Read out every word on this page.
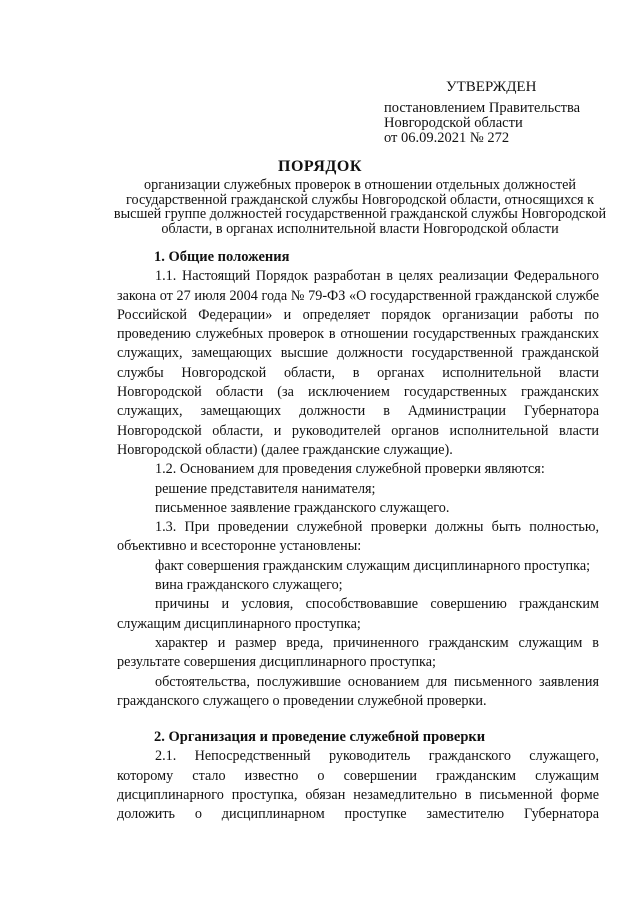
УТВЕРЖДЕН
постановлением Правительства
Новгородской области
от 06.09.2021 № 272
ПОРЯДОК
организации служебных проверок в отношении отдельных должностей государственной гражданской службы Новгородской области, относящихся к высшей группе должностей государственной гражданской службы Новгородской области, в органах исполнительной власти Новгородской области
1. Общие положения

1.1. Настоящий Порядок разработан в целях реализации Федерального закона от 27 июля 2004 года № 79-ФЗ «О государственной гражданской службе Российской Федерации» и определяет порядок организации работы по проведению служебных проверок в отношении государственных гражданских служащих, замещающих высшие должности государственной гражданской службы Новгородской области, в органах исполнительной власти Новгородской области (за исключением государственных гражданских служащих, замещающих должности в Администрации Губернатора Новгородской области, и руководителей органов исполнительной власти Новгородской области) (далее гражданские служащие).

1.2. Основанием для проведения служебной проверки являются:

решение представителя нанимателя;

письменное заявление гражданского служащего.

1.3. При проведении служебной проверки должны быть полностью, объективно и всесторонне установлены:

факт совершения гражданским служащим дисциплинарного проступка;

вина гражданского служащего;

причины и условия, способствовавшие совершению гражданским служащим дисциплинарного проступка;

характер и размер вреда, причиненного гражданским служащим в результате совершения дисциплинарного проступка;

обстоятельства, послужившие основанием для письменного заявления гражданского служащего о проведении служебной проверки.

2. Организация и проведение служебной проверки

2.1. Непосредственный руководитель гражданского служащего, которому стало известно о совершении гражданским служащим дисциплинарного проступка, обязан незамедлительно в письменной форме доложить о дисциплинарном проступке заместителю Губернатора
